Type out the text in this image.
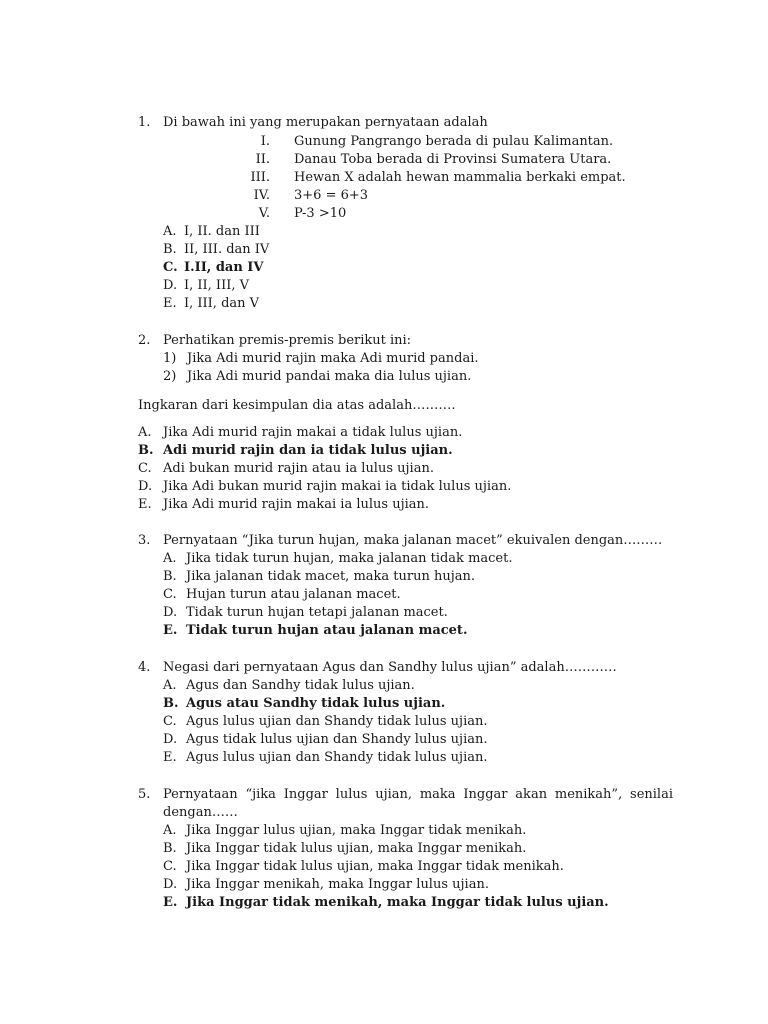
1. Di bawah ini yang merupakan pernyataan adalah
I. Gunung Pangrango berada di pulau Kalimantan.
II. Danau Toba berada di Provinsi Sumatera Utara.
III. Hewan X adalah hewan mammalia berkaki empat.
IV. 3+6 = 6+3
V. P-3 >10
A. I, II. dan III
B. II, III. dan IV
C. I.II, dan IV
D. I, II, III, V
E. I, III, dan V
2. Perhatikan premis-premis berikut ini:
1) Jika Adi murid rajin maka Adi murid pandai.
2) Jika Adi murid pandai maka dia lulus ujian.
Ingkaran dari kesimpulan dia atas adalah……….
A. Jika Adi murid rajin makai a tidak lulus ujian.
B. Adi murid rajin dan ia tidak lulus ujian.
C. Adi bukan murid rajin atau ia lulus ujian.
D. Jika Adi bukan murid rajin makai ia tidak lulus ujian.
E. Jika Adi murid rajin makai ia lulus ujian.
3. Pernyataan “Jika turun hujan, maka jalanan macet” ekuivalen dengan………
A. Jika tidak turun hujan, maka jalanan tidak macet.
B. Jika jalanan tidak macet, maka turun hujan.
C. Hujan turun atau jalanan macet.
D. Tidak turun hujan tetapi jalanan macet.
E. Tidak turun hujan atau jalanan macet.
4. Negasi dari pernyataan Agus dan Sandhy lulus ujian” adalah…………
A. Agus dan Sandhy tidak lulus ujian.
B. Agus atau Sandhy tidak lulus ujian.
C. Agus lulus ujian dan Shandy tidak lulus ujian.
D. Agus tidak lulus ujian dan Shandy lulus ujian.
E. Agus lulus ujian dan Shandy tidak lulus ujian.
5. Pernyataan “jika Inggar lulus ujian, maka Inggar akan menikah”, senilai
dengan……
A. Jika Inggar lulus ujian, maka Inggar tidak menikah.
B. Jika Inggar tidak lulus ujian, maka Inggar menikah.
C. Jika Inggar tidak lulus ujian, maka Inggar tidak menikah.
D. Jika Inggar menikah, maka Inggar lulus ujian.
E. Jika Inggar tidak menikah, maka Inggar tidak lulus ujian.
